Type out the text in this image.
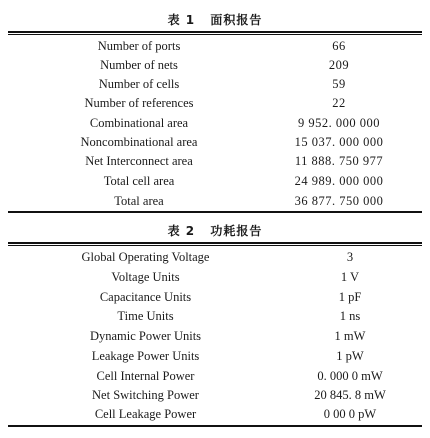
表 1 面积报告
Number of ports	66
Number of nets	209
Number of cells	59
Number of references	22
Combinational area	9 952. 000 000
Noncombinational area	15 037. 000 000
Net Interconnect area	11 888. 750 977
Total cell area	24 989. 000 000
Total area	36 877. 750 000
表 2 功耗报告
Global Operating Voltage	3
Voltage Units	1 V
Capacitance Units	1 pF
Time Units	1 ns
Dynamic Power Units	1 mW
Leakage Power Units	1 pW
Cell Internal Power	0. 000 0 mW
Net Switching Power	20 845. 8 mW
Cell Leakage Power	0 00 0 pW
